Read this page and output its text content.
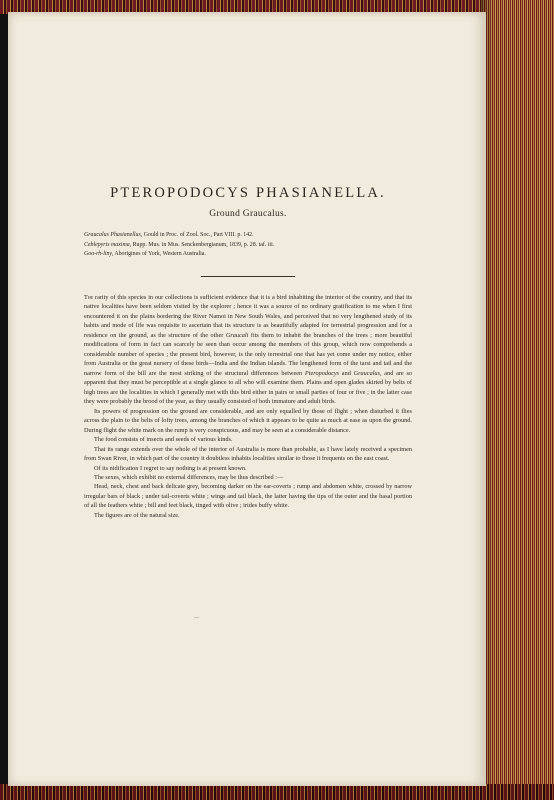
PTEROPODOCYS PHASIANELLA.
Ground Graucalus.
Graucalus Phasianellus, Gould in Proc. of Zool. Soc., Part VIII. p. 142.
Ceblepyris maxima, Rupp. Mus. in Mus. Senckenbergianum, 1839, p. 28. taf. iii.
Goo-rh-liny, Aborigines of York, Western Australia.

The rarity of this species in our collections is sufficient evidence that it is a bird inhabiting the interior of the country, and that its native localities have been seldom visited by the explorer ; hence it was a source of no ordinary gratification to me when I first encountered it on the plains bordering the River Namoi in New South Wales, and perceived that no very lengthened study of its habits and mode of life was requisite to ascertain that its structure is as beautifully adapted for terrestrial progression and for a residence on the ground, as the structure of the other Graucali fits them to inhabit the branches of the trees ; more beautiful modifications of form in fact can scarcely be seen than occur among the members of this group, which now comprehends a considerable number of species ; the present bird, however, is the only terrestrial one that has yet come under my notice, either from Australia or the great nursery of these birds—India and the Indian islands. The lengthened form of the tarsi and tail and the narrow form of the bill are the most striking of the structural differences between Pteropodocys and Graucalus, and are so apparent that they must be perceptible at a single glance to all who will examine them. Plains and open glades skirted by belts of high trees are the localities in which I generally met with this bird either in pairs or small parties of four or five ; in the latter case they were probably the brood of the year, as they usually consisted of both immature and adult birds.

Its powers of progression on the ground are considerable, and are only equalled by those of flight ; when disturbed it flies across the plain to the belts of lofty trees, among the branches of which it appears to be quite as much at ease as upon the ground. During flight the white mark on the rump is very conspicuous, and may be seen at a considerable distance.

The food consists of insects and seeds of various kinds.

That its range extends over the whole of the interior of Australia is more than probable, as I have lately received a specimen from Swan River, in which part of the country it doubtless inhabits localities similar to those it frequents on the east coast.

Of its nidification I regret to say nothing is at present known.

The sexes, which exhibit no external differences, may be thus described :—

Head, neck, chest and back delicate grey, becoming darker on the ear-coverts ; rump and abdomen white, crossed by narrow irregular bars of black ; under tail-coverts white ; wings and tail black, the latter having the tips of the outer and the basal portion of all the feathers white ; bill and feet black, tinged with olive ; irides buffy white.

The figures are of the natural size.

—
